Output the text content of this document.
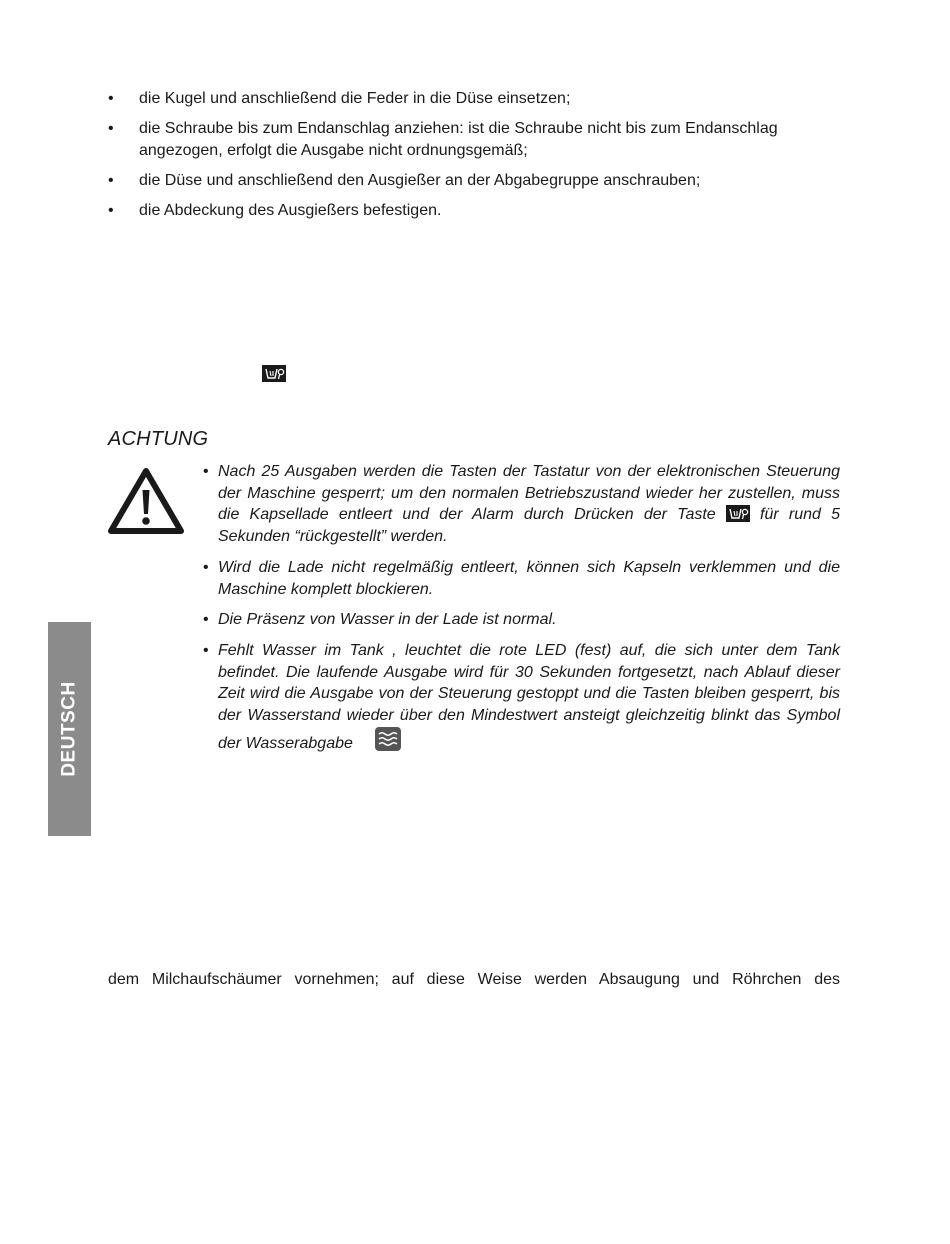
• die Kugel und anschließend die Feder in die Düse einsetzen;
• die Schraube bis zum Endanschlag anziehen: ist die Schraube nicht bis zum Endanschlag angezogen, erfolgt die Ausgabe nicht ordnungsgemäß;
• die Düse und anschließend den Ausgießer an der Abgabegruppe anschrauben;
• die Abdeckung des Ausgießers befestigen.
ACHTUNG
• Nach 25 Ausgaben werden die Tasten der Tastatur von der elektronischen Steuerung der Maschine gesperrt; um den normalen Betriebszustand wieder her zustellen, muss die Kapsellade entleert und der Alarm durch Drücken der Taste  für rund 5 Sekunden “rückgestellt” werden.
• Wird die Lade nicht regelmäßig entleert, können sich Kapseln verklemmen und die Maschine komplett blockieren.
• Die Präsenz von Wasser in der Lade ist normal.
• Fehlt Wasser im Tank , leuchtet die rote LED (fest) auf, die sich unter dem Tank befindet. Die laufende Ausgabe wird für 30 Sekunden fortgesetzt, nach Ablauf dieser Zeit wird die Ausgabe von der Steuerung gestoppt und die Tasten bleiben gesperrt, bis der Wasserstand wieder über den Mindestwert ansteigt gleichzeitig blinkt das Symbol der Wasserabgabe
DEUTSCH
dem Milchaufschäumer vornehmen; auf diese Weise werden Absaugung und Röhrchen des
